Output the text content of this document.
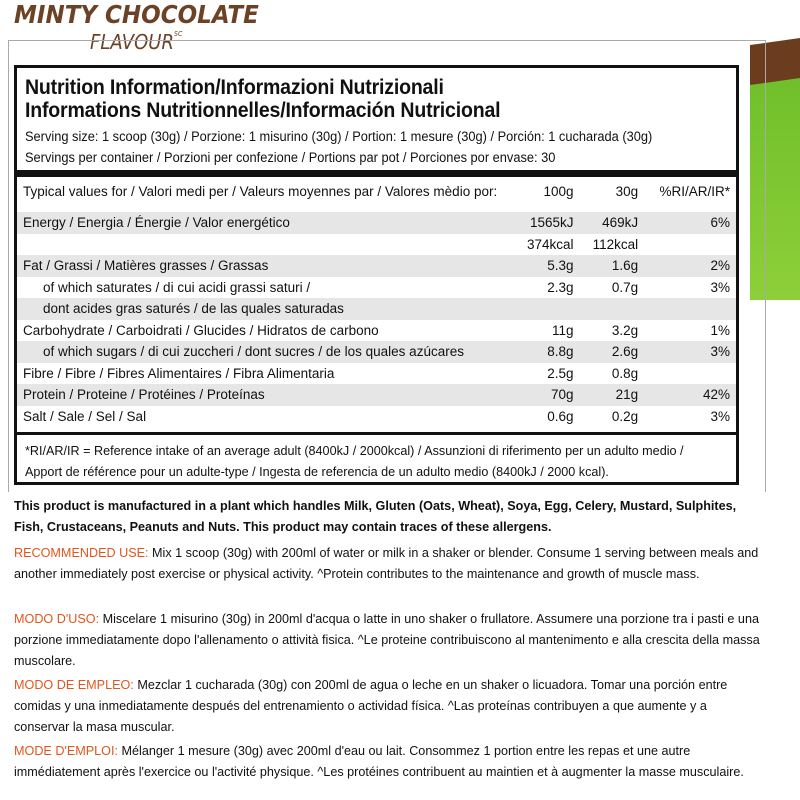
MINTY CHOCOLATE
$FLAVOUR^{SC}$
Nutrition Information/Informazioni Nutrizionali
Informations Nutritionnelles/Información Nutricional
Serving size: 1 scoop (30g) / Porzione: 1 misurino (30g) / Portion: 1 mesure (30g) / Porción: 1 cucharada (30g)
Servings per container / Porzioni per confezione / Portions par pot / Porciones por envase: 30
Typical values for / Valori medi per / Valeurs moyennes par / Valores mèdio por:	100g	30g	%RI/AR/IR*

Energy / Energia / Énergie / Valor energético	1565kJ	469kJ	6%
	374kcal	112kcal	
Fat / Grassi / Matières grasses / Grassas	5.3g	1.6g	2%
of which saturates / di cui acidi grassi saturi /	2.3g	0.7g	3%
dont acides gras saturés / de las quales saturadas			
Carbohydrate / Carboidrati / Glucides / Hidratos de carbono	11g	3.2g	1%
of which sugars / di cui zuccheri / dont sucres / de los quales azúcares	8.8g	2.6g	3%
Fibre / Fibre / Fibres Alimentaires / Fibra Alimentaria	2.5g	0.8g	
Protein / Proteine / Protéines / Proteínas	70g	21g	42%
Salt / Sale / Sel / Sal	0.6g	0.2g	3%
*RI/AR/IR = Reference intake of an average adult (8400kJ / 2000kcal) / Assunzioni di riferimento per un adulto medio / Apport de référence pour un adulte-type / Ingesta de referencia de un adulto medio (8400kJ / 2000 kcal).
This product is manufactured in a plant which handles Milk, Gluten (Oats, Wheat), Soya, Egg, Celery, Mustard, Sulphites, Fish, Crustaceans, Peanuts and Nuts. This product may contain traces of these allergens.
RECOMMENDED USE: Mix 1 scoop (30g) with 200ml of water or milk in a shaker or blender. Consume 1 serving between meals and another immediately post exercise or physical activity. ^Protein contributes to the maintenance and growth of muscle mass.
MODO D'USO: Miscelare 1 misurino (30g) in 200ml d'acqua o latte in uno shaker o frullatore. Assumere una porzione tra i pasti e una porzione immediatamente dopo l'allenamento o attività fisica. ^Le proteine contribuiscono al mantenimento e alla crescita della massa muscolare.
MODO DE EMPLEO: Mezclar 1 cucharada (30g) con 200ml de agua o leche en un shaker o licuadora. Tomar una porción entre comidas y una inmediatamente después del entrenamiento o actividad física. ^Las proteínas contribuyen a que aumente y a conservar la masa muscular.
MODE D'EMPLOI: Mélanger 1 mesure (30g) avec 200ml d'eau ou lait. Consommez 1 portion entre les repas et une autre immédiatement après l'exercice ou l'activité physique. ^Les protéines contribuent au maintien et à augmenter la masse musculaire.
